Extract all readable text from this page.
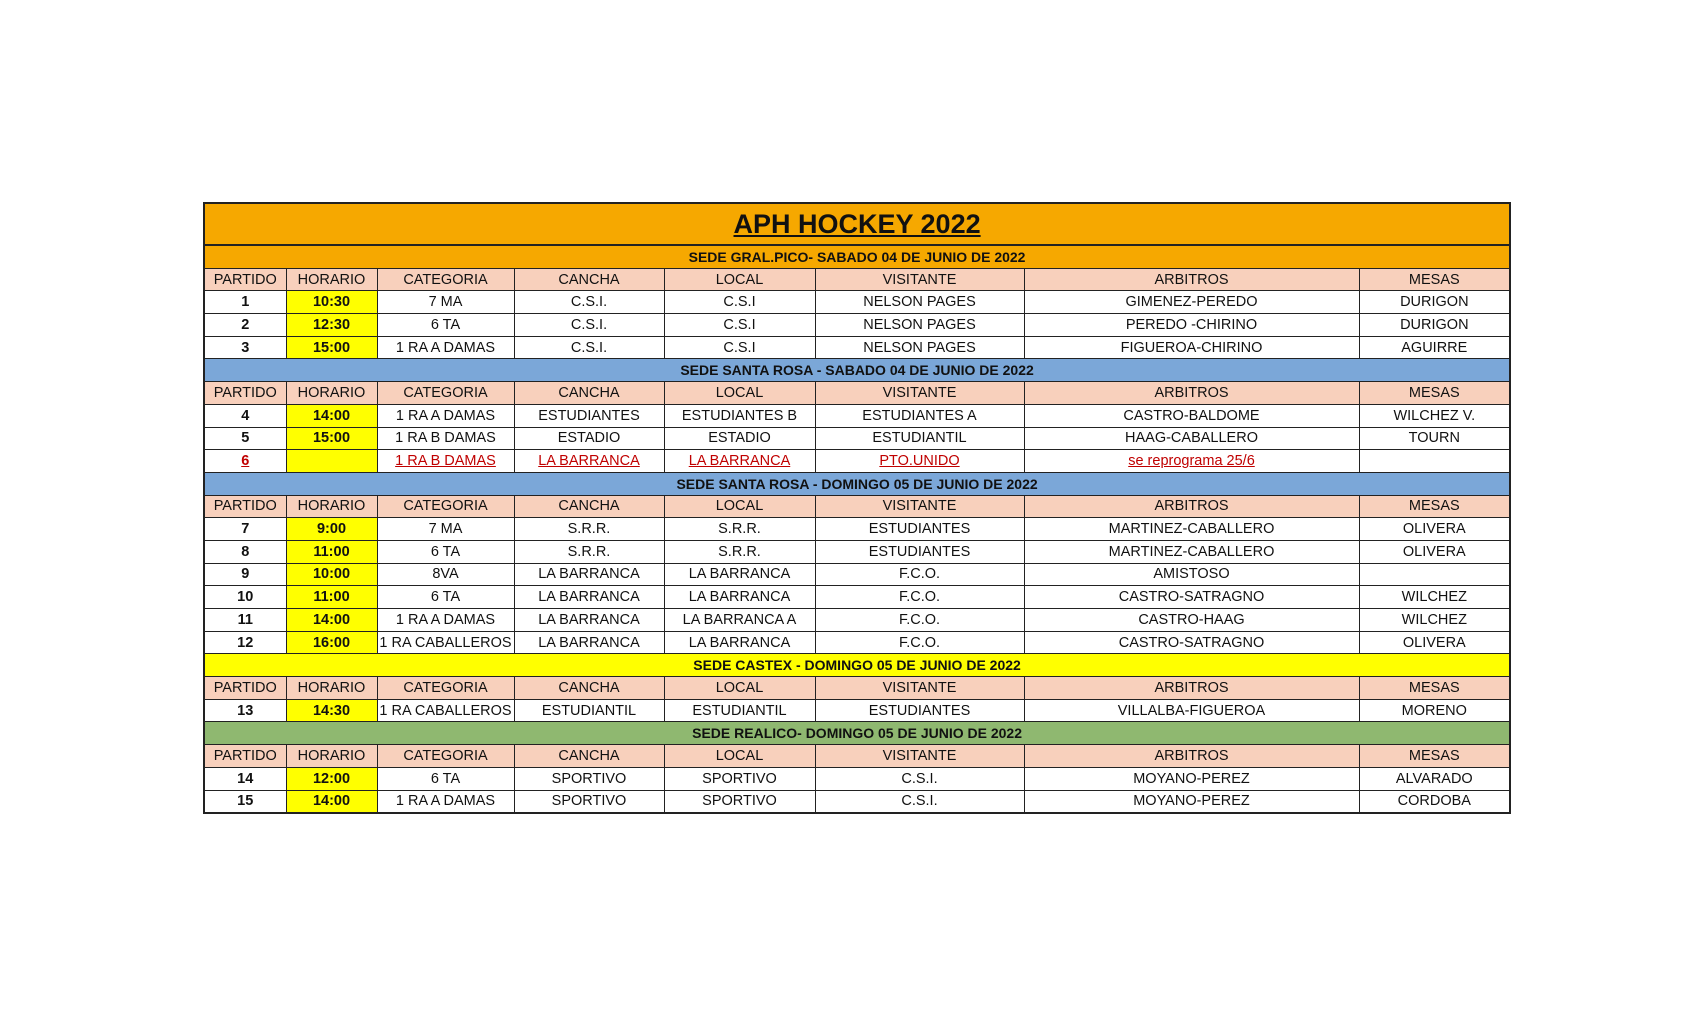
APH HOCKEY 2022							
SEDE GRAL.PICO- SABADO 04 DE JUNIO DE 2022							
PARTIDO	HORARIO	CATEGORIA	CANCHA	LOCAL	VISITANTE	ARBITROS	MESAS
1	10:30	7 MA	C.S.I.	C.S.I	NELSON PAGES	GIMENEZ-PEREDO	DURIGON
2	12:30	6 TA	C.S.I.	C.S.I	NELSON PAGES	PEREDO -CHIRINO	DURIGON
3	15:00	1 RA A DAMAS	C.S.I.	C.S.I	NELSON PAGES	FIGUEROA-CHIRINO	AGUIRRE
SEDE SANTA ROSA - SABADO 04 DE JUNIO DE 2022							
PARTIDO	HORARIO	CATEGORIA	CANCHA	LOCAL	VISITANTE	ARBITROS	MESAS
4	14:00	1 RA A DAMAS	ESTUDIANTES	ESTUDIANTES B	ESTUDIANTES A	CASTRO-BALDOME	WILCHEZ V.
5	15:00	1 RA B DAMAS	ESTADIO	ESTADIO	ESTUDIANTIL	HAAG-CABALLERO	TOURN
6		1 RA B DAMAS	LA BARRANCA	LA BARRANCA	PTO.UNIDO	se reprograma 25/6	
SEDE SANTA ROSA - DOMINGO 05 DE JUNIO DE 2022							
PARTIDO	HORARIO	CATEGORIA	CANCHA	LOCAL	VISITANTE	ARBITROS	MESAS
7	9:00	7 MA	S.R.R.	S.R.R.	ESTUDIANTES	MARTINEZ-CABALLERO	OLIVERA
8	11:00	6 TA	S.R.R.	S.R.R.	ESTUDIANTES	MARTINEZ-CABALLERO	OLIVERA
9	10:00	8VA	LA BARRANCA	LA BARRANCA	F.C.O.	AMISTOSO	
10	11:00	6 TA	LA BARRANCA	LA BARRANCA	F.C.O.	CASTRO-SATRAGNO	WILCHEZ
11	14:00	1 RA A DAMAS	LA BARRANCA	LA BARRANCA A	F.C.O.	CASTRO-HAAG	WILCHEZ
12	16:00	1 RA CABALLEROS	LA BARRANCA	LA BARRANCA	F.C.O.	CASTRO-SATRAGNO	OLIVERA
SEDE CASTEX - DOMINGO 05 DE JUNIO DE 2022							
PARTIDO	HORARIO	CATEGORIA	CANCHA	LOCAL	VISITANTE	ARBITROS	MESAS
13	14:30	1 RA CABALLEROS	ESTUDIANTIL	ESTUDIANTIL	ESTUDIANTES	VILLALBA-FIGUEROA	MORENO
SEDE REALICO- DOMINGO 05 DE JUNIO DE 2022							
PARTIDO	HORARIO	CATEGORIA	CANCHA	LOCAL	VISITANTE	ARBITROS	MESAS
14	12:00	6 TA	SPORTIVO	SPORTIVO	C.S.I.	MOYANO-PEREZ	ALVARADO
15	14:00	1 RA A DAMAS	SPORTIVO	SPORTIVO	C.S.I.	MOYANO-PEREZ	CORDOBA
